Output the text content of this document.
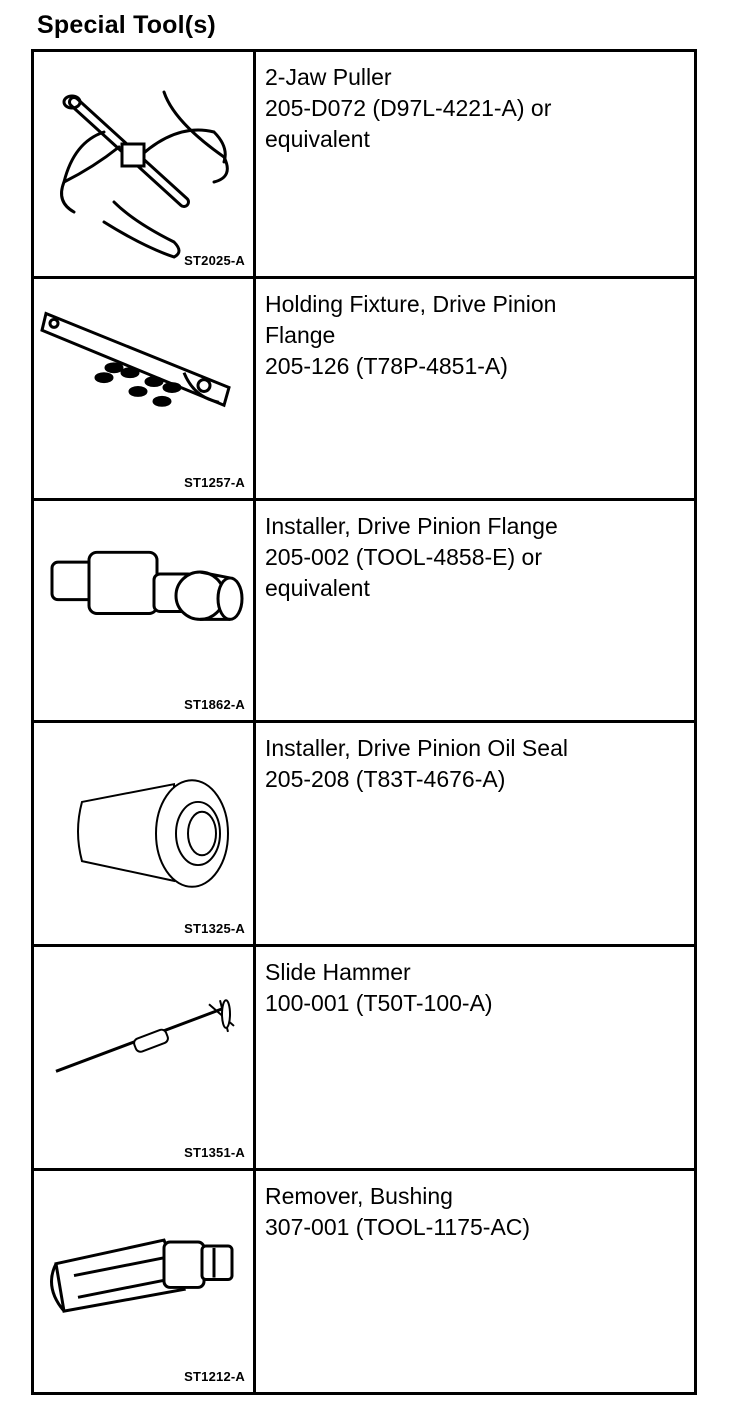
Special Tool(s)
ST2025-A
2-Jaw Puller
205-D072 (D97L-4221-A) or
equivalent
ST1257-A
Holding Fixture, Drive Pinion
Flange
205-126 (T78P-4851-A)
ST1862-A
Installer, Drive Pinion Flange
205-002 (TOOL-4858-E) or
equivalent
ST1325-A
Installer, Drive Pinion Oil Seal
205-208 (T83T-4676-A)
ST1351-A
Slide Hammer
100-001 (T50T-100-A)
ST1212-A
Remover, Bushing
307-001 (TOOL-1175-AC)
